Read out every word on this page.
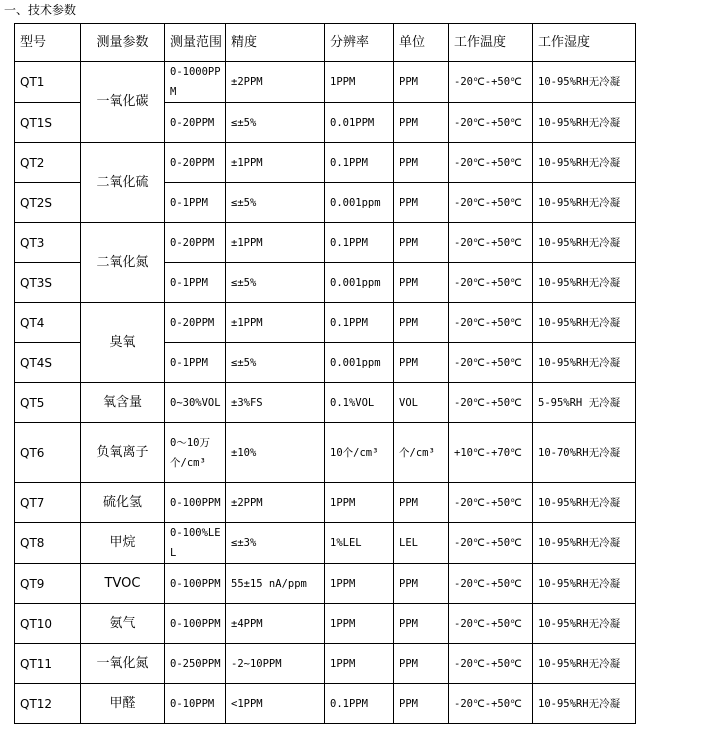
一、技术参数
型号	测量参数	测量范围	精度	分辨率	单位	工作温度	工作湿度
QT1	一氧化碳	0-1000PPM	±2PPM	1PPM	PPM	-20℃-+50℃	10-95%RH无冷凝
QT1S		0-20PPM	≤±5%	0.01PPM	PPM	-20℃-+50℃	10-95%RH无冷凝
QT2	二氧化硫	0-20PPM	±1PPM	0.1PPM	PPM	-20℃-+50℃	10-95%RH无冷凝
QT2S		0-1PPM	≤±5%	0.001ppm	PPM	-20℃-+50℃	10-95%RH无冷凝
QT3	二氧化氮	0-20PPM	±1PPM	0.1PPM	PPM	-20℃-+50℃	10-95%RH无冷凝
QT3S		0-1PPM	≤±5%	0.001ppm	PPM	-20℃-+50℃	10-95%RH无冷凝
QT4	臭氧	0-20PPM	±1PPM	0.1PPM	PPM	-20℃-+50℃	10-95%RH无冷凝
QT4S		0-1PPM	≤±5%	0.001ppm	PPM	-20℃-+50℃	10-95%RH无冷凝
QT5	氧含量	0~30%VOL	±3%FS	0.1%VOL	VOL	-20℃-+50℃	5-95%RH 无冷凝
QT6	负氧离子	0～10万 个/cm³	±10%	10个/cm³	个/cm³	+10℃-+70℃	10-70%RH无冷凝
QT7	硫化氢	0-100PPM	±2PPM	1PPM	PPM	-20℃-+50℃	10-95%RH无冷凝
QT8	甲烷	0-100%LEL	≤±3%	1%LEL	LEL	-20℃-+50℃	10-95%RH无冷凝
QT9	TVOC	0-100PPM	55±15 nA/ppm	1PPM	PPM	-20℃-+50℃	10-95%RH无冷凝
QT10	氨气	0-100PPM	±4PPM	1PPM	PPM	-20℃-+50℃	10-95%RH无冷凝
QT11	一氧化氮	0-250PPM	-2~10PPM	1PPM	PPM	-20℃-+50℃	10-95%RH无冷凝
QT12	甲醛	0-10PPM	<1PPM	0.1PPM	PPM	-20℃-+50℃	10-95%RH无冷凝
